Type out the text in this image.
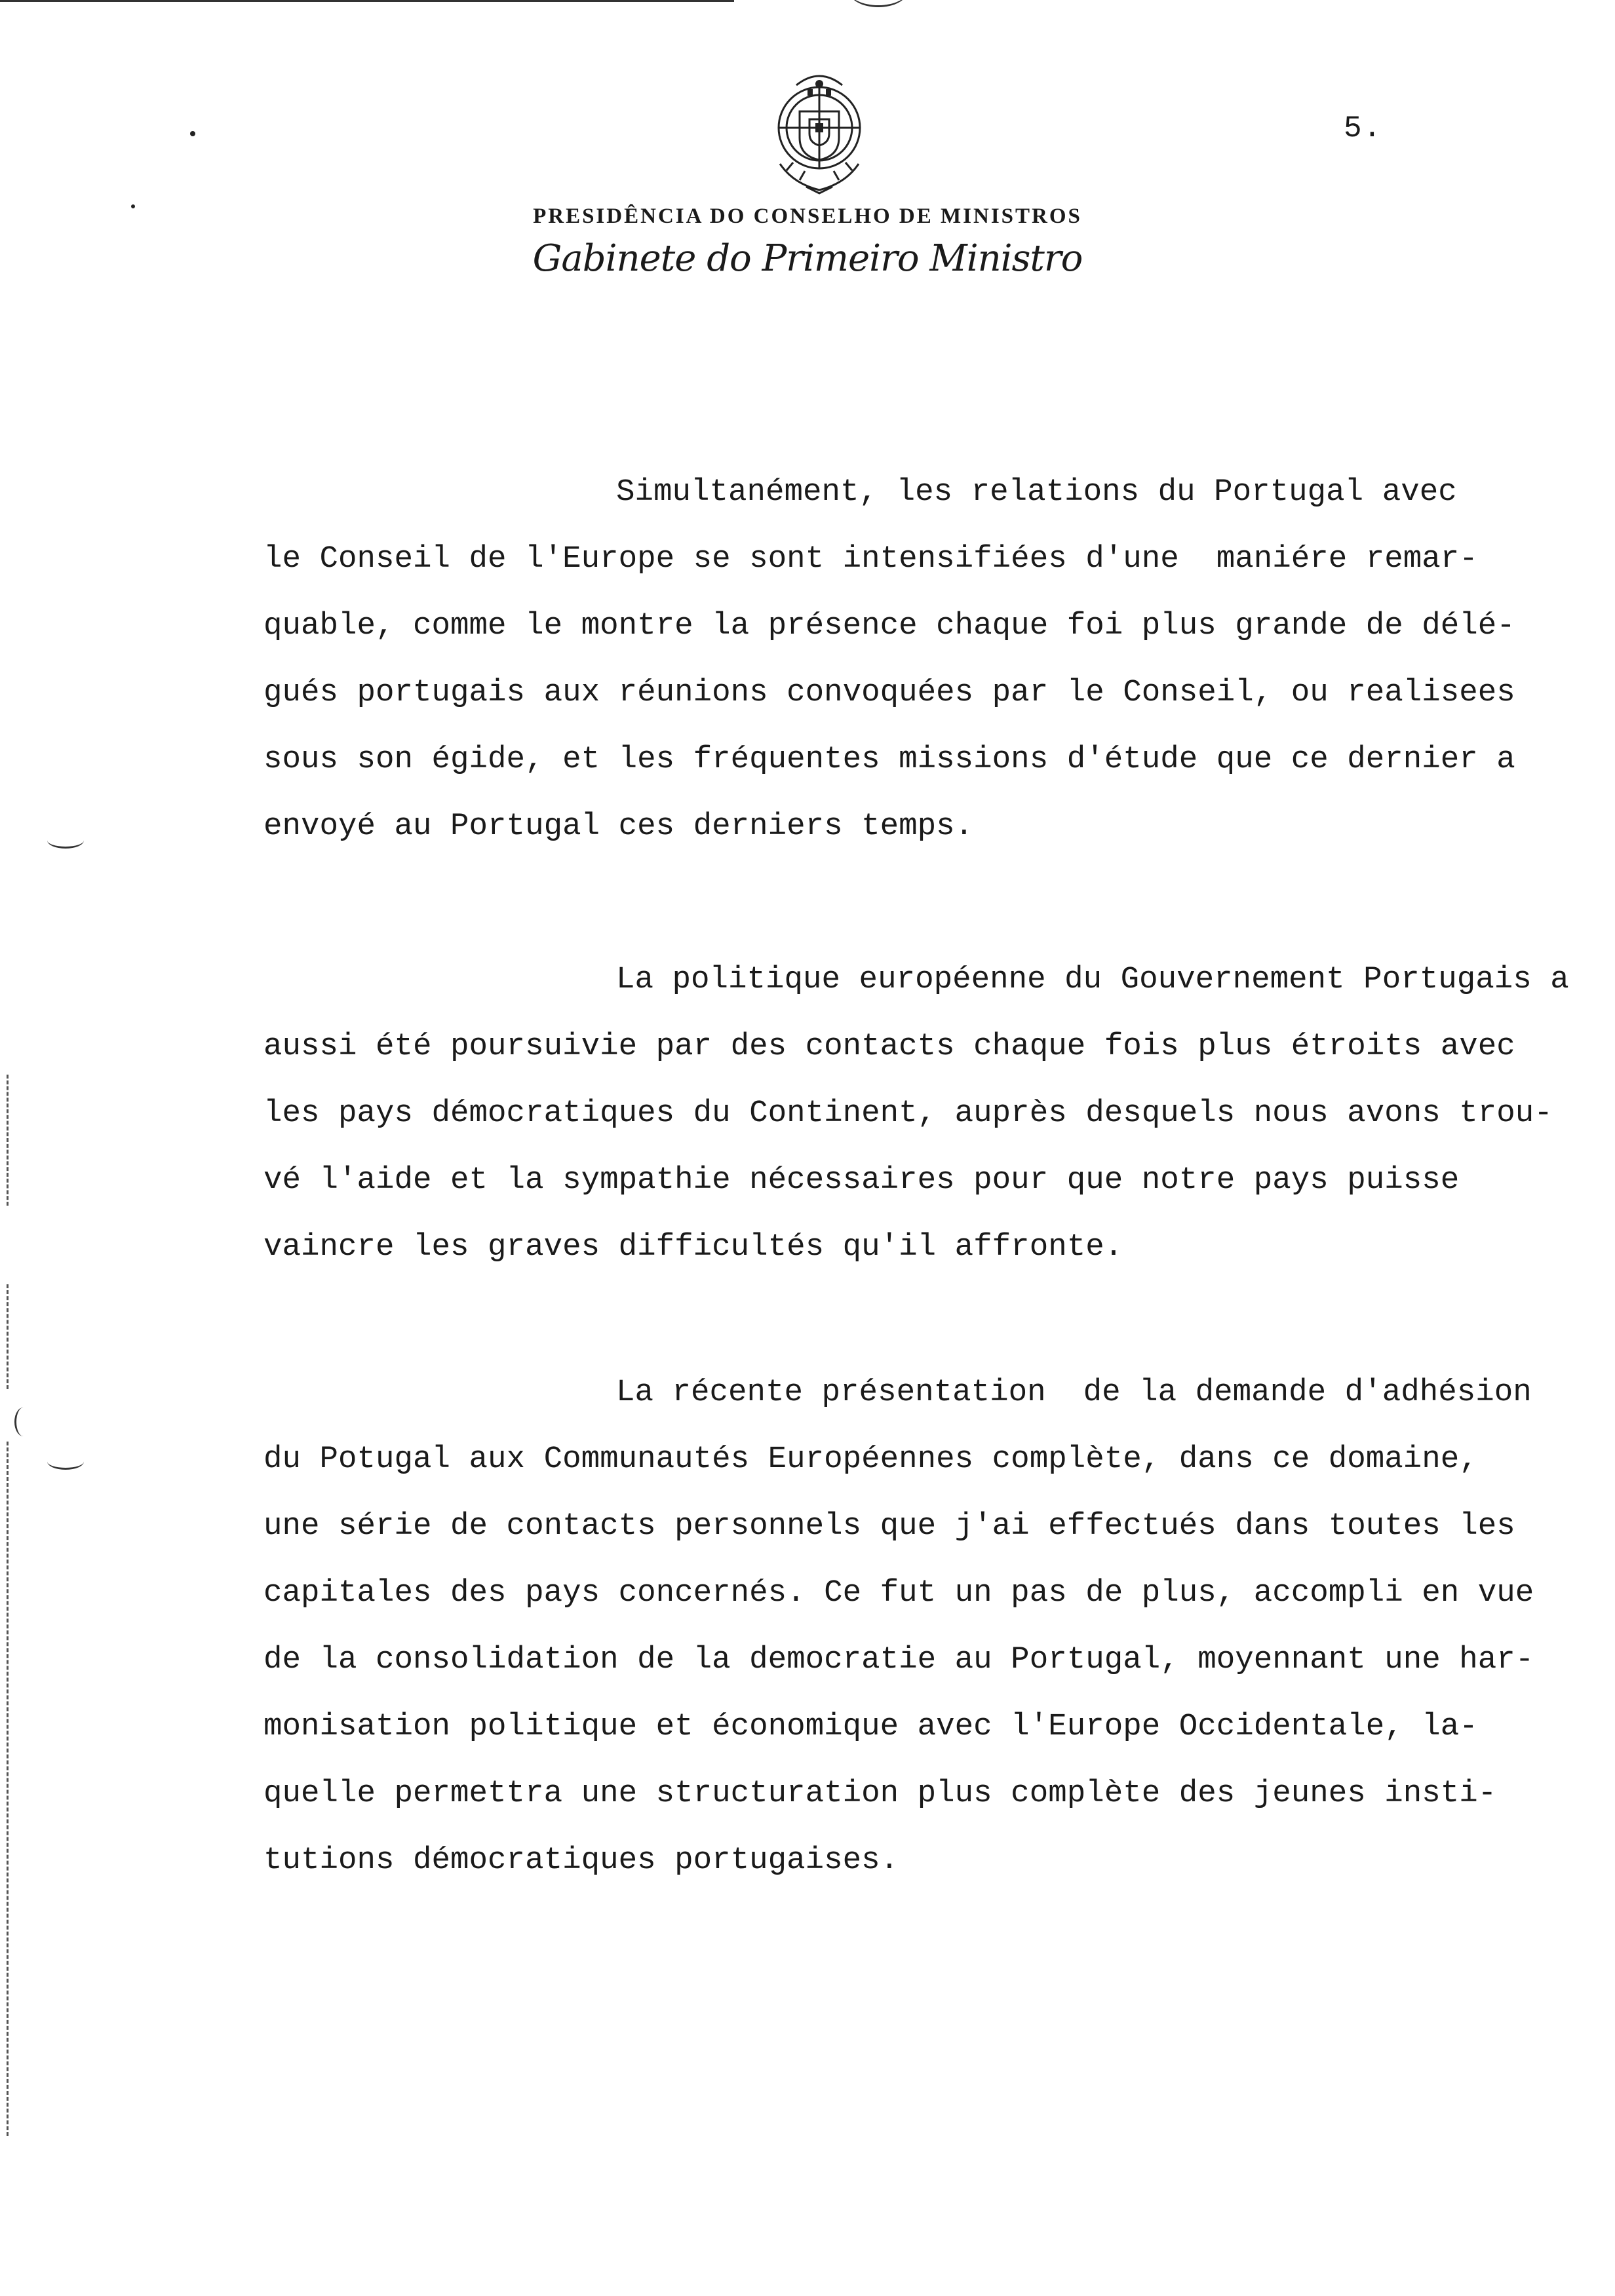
5.
PRESIDÊNCIA DO CONSELHO DE MINISTROS
Gabinete do Primeiro Ministro
Simultanément, les relations du Portugal avec
le Conseil de l'Europe se sont intensifiées d'une  maniére remar-
quable, comme le montre la présence chaque foi plus grande de délé-
gués portugais aux réunions convoquées par le Conseil, ou realisees
sous son égide, et les fréquentes missions d'étude que ce dernier a
envoyé au Portugal ces derniers temps.
La politique européenne du Gouvernement Portugais a
aussi été poursuivie par des contacts chaque fois plus étroits avec
les pays démocratiques du Continent, auprès desquels nous avons trou-
vé l'aide et la sympathie nécessaires pour que notre pays puisse
vaincre les graves difficultés qu'il affronte.
La récente présentation  de la demande d'adhésion
du Potugal aux Communautés Européennes complète, dans ce domaine,
une série de contacts personnels que j'ai effectués dans toutes les
capitales des pays concernés. Ce fut un pas de plus, accompli en vue
de la consolidation de la democratie au Portugal, moyennant une har-
monisation politique et économique avec l'Europe Occidentale, la-
quelle permettra une structuration plus complète des jeunes insti-
tutions démocratiques portugaises.
